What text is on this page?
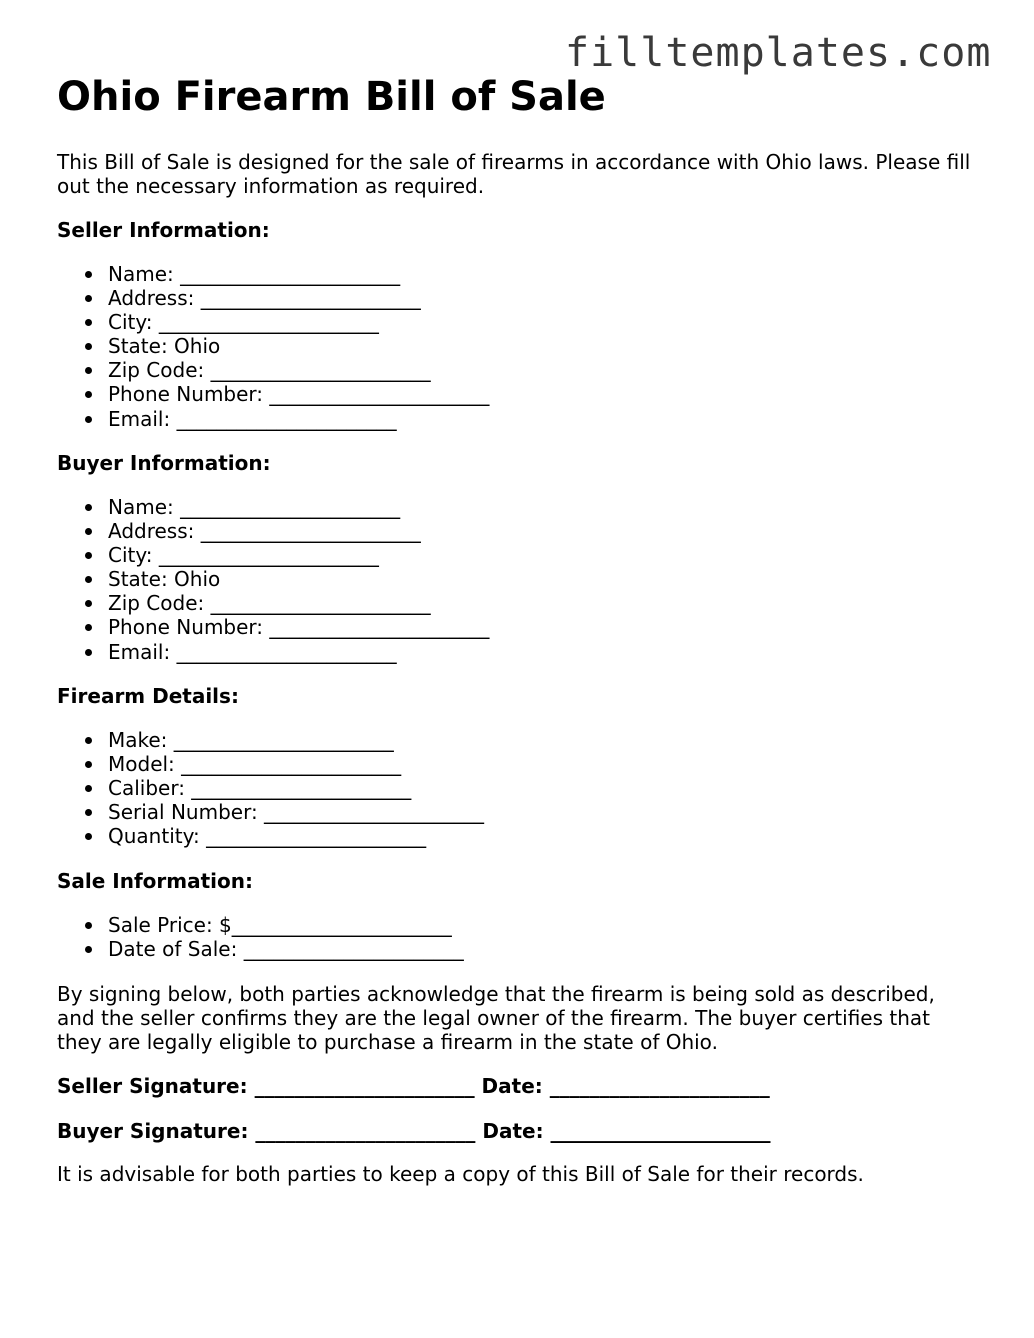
filltemplates.com
Ohio Firearm Bill of Sale

This Bill of Sale is designed for the sale of firearms in accordance with Ohio laws. Please fill out the necessary information as required.

Seller Information:
Name: ______________________
Address: ______________________
City: ______________________
State: Ohio
Zip Code: ______________________
Phone Number: ______________________
Email: ______________________
Buyer Information:
Name: ______________________
Address: ______________________
City: ______________________
State: Ohio
Zip Code: ______________________
Phone Number: ______________________
Email: ______________________
Firearm Details:
Make: ______________________
Model: ______________________
Caliber: ______________________
Serial Number: ______________________
Quantity: ______________________
Sale Information:
Sale Price: $______________________
Date of Sale: ______________________

By signing below, both parties acknowledge that the firearm is being sold as described, and the seller confirms they are the legal owner of the firearm. The buyer certifies that they are legally eligible to purchase a firearm in the state of Ohio.

Seller Signature: ______________________ Date: ______________________

Buyer Signature: ______________________ Date: ______________________

It is advisable for both parties to keep a copy of this Bill of Sale for their records.
